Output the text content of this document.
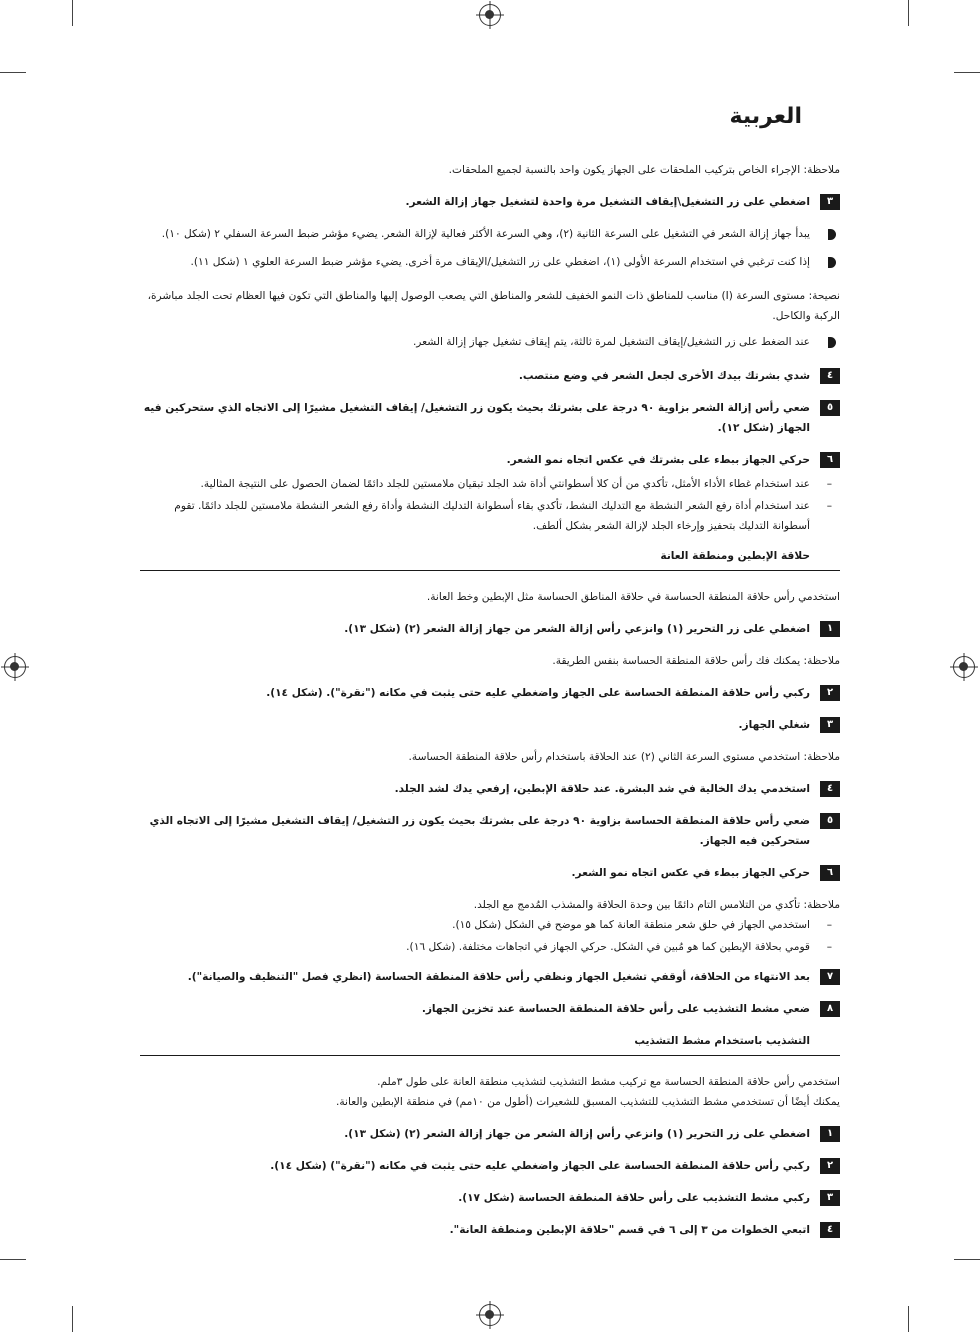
العربية
ملاحظة: الإجراء الخاص بتركيب الملحقات على الجهاز يكون واحد بالنسبة لجميع الملحقات.
٣
اضغطي على زر التشغيل\إيقاف التشغيل مرة واحدة لتشغيل جهاز إزالة الشعر.
يبدأ جهاز إزالة الشعر في التشغيل على السرعة الثانية (٢)، وهي السرعة الأكثر فعالية لإزالة الشعر. يضيء مؤشر ضبط السرعة السفلي ٢ (شكل ١٠).
إذا كنت ترغبي في استخدام السرعة الأولى (١)، اضغطي على زر التشغيل/الإيقاف مرة أخرى. يضيء مؤشر ضبط السرعة العلوي ١ (شكل ١١).
نصيحة: مستوى السرعة (I) مناسب للمناطق ذات النمو الخفيف للشعر والمناطق التي يصعب الوصول إليها والمناطق التي تكون فيها العظام تحت الجلد مباشرة، الركبة والكاحل.
عند الضغط على زر التشغيل/إيقاف التشغيل لمرة ثالثة، يتم إيقاف تشغيل جهاز إزالة الشعر.
٤
شدي بشرتك بيدك الأخرى لجعل الشعر في وضع منتصب.
٥
ضعي رأس إزالة الشعر بزاوية ٩٠ درجة على بشرتك بحيث يكون زر التشغيل/ إيقاف التشغيل مشيرًا إلى الاتجاه الذي ستحركين فيه الجهاز (شكل ١٢).
٦
حركي الجهاز ببطء على بشرتك في عكس اتجاه نمو الشعر.
–
عند استخدام غطاء الأداء الأمثل، تأكدي من أن كلا أسطوانتي أداة شد الجلد تبقيان ملامستين للجلد دائمًا لضمان الحصول على النتيجة المثالية.
–
عند استخدام أداة رفع الشعر النشطة مع التدليك النشط، تأكدي بقاء أسطوانة التدليك النشطة وأداة رفع الشعر النشطة ملامستين للجلد دائمًا. تقوم أسطوانة التدليك بتحفيز وإرخاء الجلد لإزالة الشعر بشكل ألطف.
حلاقة الإبطين ومنطقة العانة
استخدمي رأس حلاقة المنطقة الحساسة في حلاقة المناطق الحساسة مثل الإبطين وخط العانة.
١
اضغطي على زر التحرير (١) وانزعي رأس إزالة الشعر من جهاز إزالة الشعر (٢) (شكل ١٣).
ملاحظة: يمكنك فك رأس حلاقة المنطقة الحساسة بنفس الطريقة.
٢
ركبي رأس حلاقة المنطقة الحساسة على الجهاز واضغطي عليه حتى يثبت في مكانه ("نقرة"). (شكل ١٤).
٣
شغلي الجهاز.
ملاحظة: استخدمي مستوى السرعة الثاني (٢) عند الحلاقة باستخدام رأس حلاقة المنطقة الحساسة.
٤
استخدمي يدك الخالية في شد البشرة. عند حلاقة الإبطين، إرفعي يدك لشد الجلد.
٥
ضعي رأس حلاقة المنطقة الحساسة بزاوية ٩٠ درجة على بشرتك بحيث يكون زر التشغيل/ إيقاف التشغيل مشيرًا إلى الاتجاه الذي ستحركين فيه الجهاز.
٦
حركي الجهاز ببطء في عكس اتجاه نمو الشعر.
ملاحظة: تأكدي من التلامس التام دائمًا بين وحدة الحلاقة والمشذب المُدمج مع الجلد.
–
استخدمي الجهاز في حلق شعر منطقة العانة كما هو موضح في الشكل (شكل ١٥).
–
قومي بحلاقة الإبطين كما هو مُبين في الشكل. حركي الجهاز في اتجاهات مختلفة. (شكل ١٦).
٧
بعد الانتهاء من الحلاقة، أوقفي تشغيل الجهاز ونظفي رأس حلاقة المنطقة الحساسة (انظري فصل "التنظيف والصيانة").
٨
ضعي مشط التشذيب على رأس حلاقة المنطقة الحساسة عند تخزين الجهاز.
التشذيب باستخدام مشط التشذيب
استخدمي رأس حلاقة المنطقة الحساسة مع تركيب مشط التشذيب لتشذيب منطقة العانة على طول ٣ملم.
يمكنك أيضًا أن تستخدمي مشط التشذيب للتشذيب المسبق للشعيرات (أطول من ١٠مم) في منطقة الإبطين والعانة.
١
اضغطي على زر التحرير (١) وانزعي رأس إزالة الشعر من جهاز إزالة الشعر (٢) (شكل ١٣).
٢
ركبي رأس حلاقة المنطقة الحساسة على الجهاز واضغطي عليه حتى يثبت في مكانه ("نقرة") (شكل ١٤).
٣
ركبي مشط التشذيب على رأس حلاقة المنطقة الحساسة (شكل ١٧).
٤
اتبعي الخطوات من ٣ إلى ٦ في قسم "حلاقة الإبطين ومنطقة العانة".
